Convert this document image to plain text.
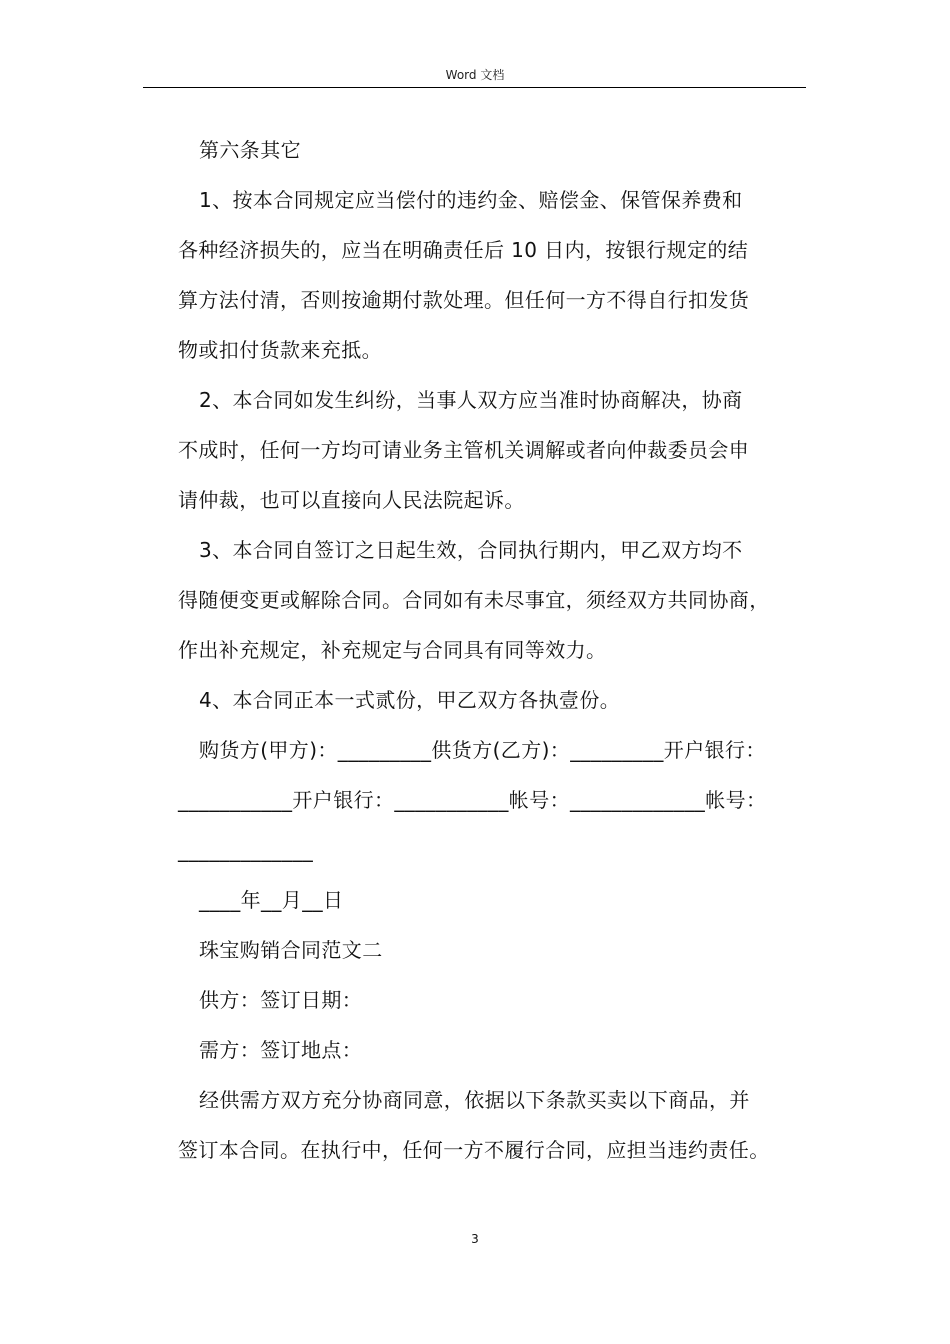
Word 文档
第六条其它
1、按本合同规定应当偿付的违约金、赔偿金、保管保养费和
各种经济损失的，应当在明确责任后 10 日内，按银行规定的结
算方法付清，否则按逾期付款处理。但任何一方不得自行扣发货
物或扣付货款来充抵。
2、本合同如发生纠纷，当事人双方应当准时协商解决，协商
不成时，任何一方均可请业务主管机关调解或者向仲裁委员会申
请仲裁，也可以直接向人民法院起诉。
3、本合同自签订之日起生效，合同执行期内，甲乙双方均不
得随便变更或解除合同。合同如有未尽事宜，须经双方共同协商，
作出补充规定，补充规定与合同具有同等效力。
4、本合同正本一式贰份，甲乙双方各执壹份。
购货方(甲方)：_________供货方(乙方)：_________开户银行：
___________开户银行：___________帐号：_____________帐号：
_____________
____年__月__日
珠宝购销合同范文二
供方：签订日期：
需方：签订地点：
经供需方双方充分协商同意，依据以下条款买卖以下商品，并
签订本合同。在执行中，任何一方不履行合同，应担当违约责任。
3
